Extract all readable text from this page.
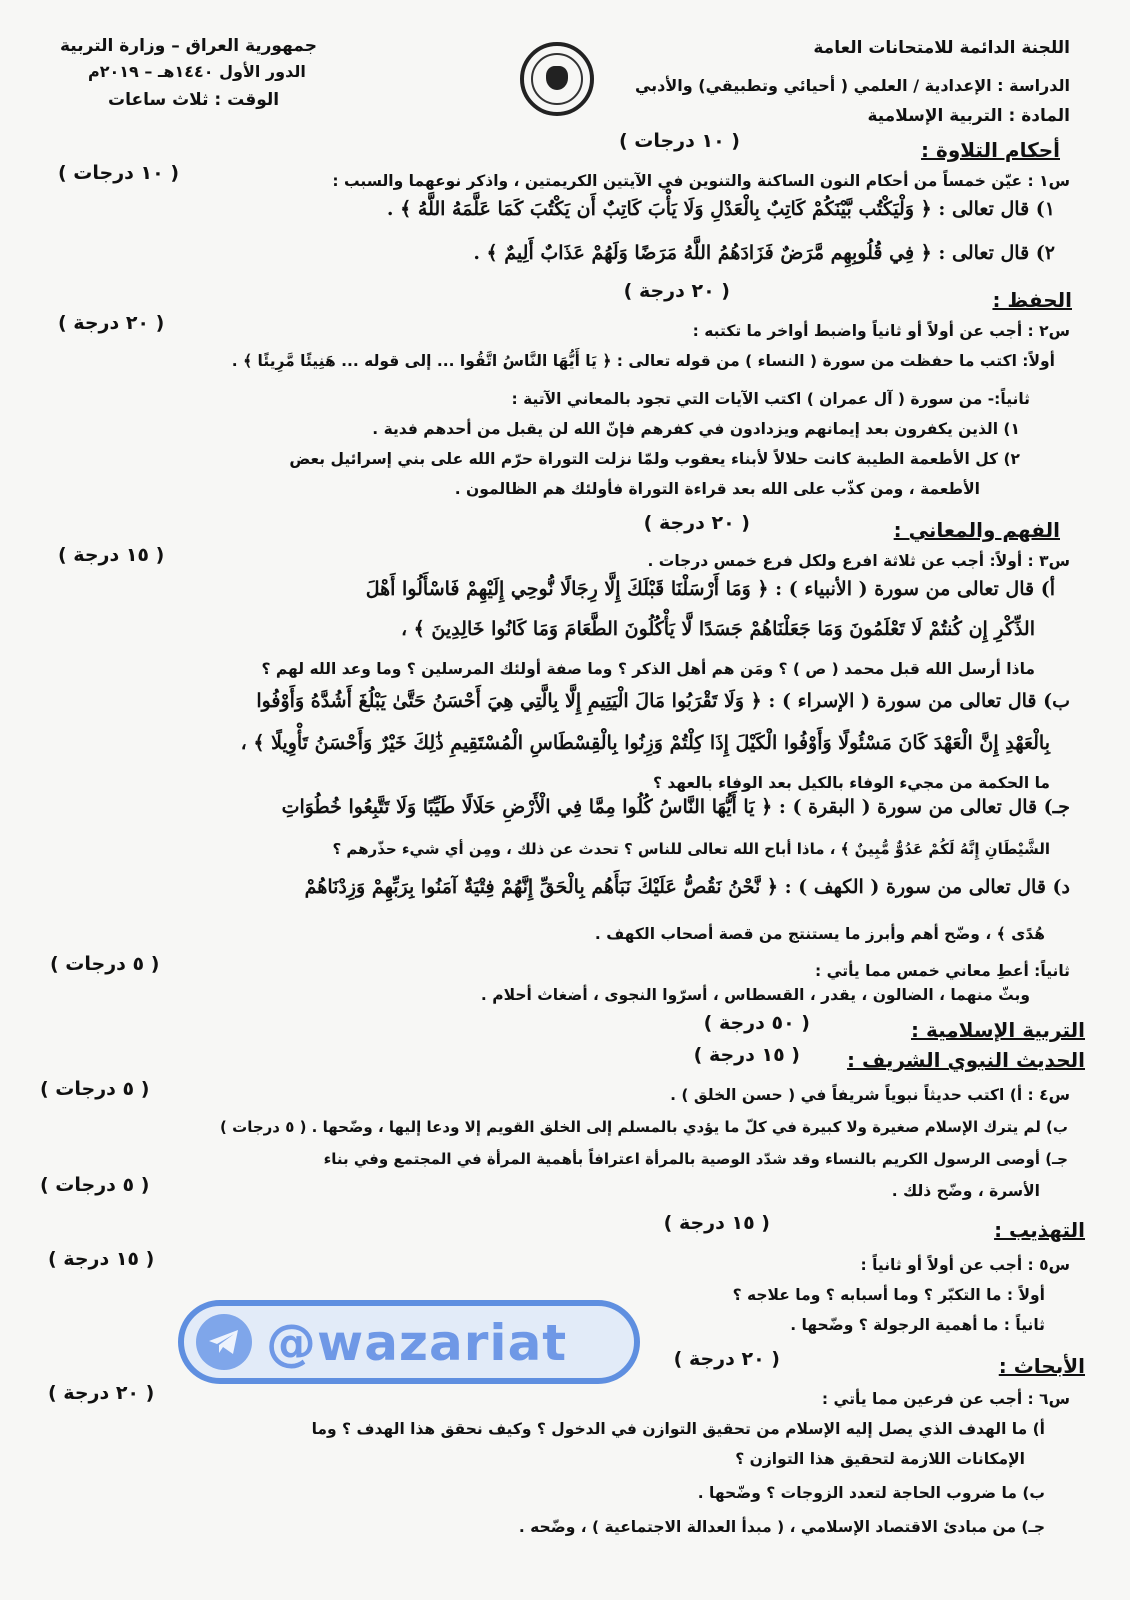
اللجنة الدائمة للامتحانات العامة
الدراسة : الإعدادية / العلمي ( أحيائي وتطبيقي) والأدبي
المادة : التربية الإسلامية
جمهورية العراق – وزارة التربية
الدور الأول ١٤٤٠هـ – ٢٠١٩م
الوقت : ثلاث ساعات
أحكام التلاوة :
( ١٠ درجات )
س١ : عيّن خمساً من أحكام النون الساكنة والتنوين في الآيتين الكريمتين ، واذكر نوعهما والسبب :
( ١٠ درجات )
١) قال تعالى : ﴿ وَلْيَكْتُب بَّيْنَكُمْ كَاتِبٌ بِالْعَدْلِ وَلَا يَأْبَ كَاتِبٌ أَن يَكْتُبَ كَمَا عَلَّمَهُ اللَّهُ ﴾ .
٢) قال تعالى : ﴿ فِي قُلُوبِهِم مَّرَضٌ فَزَادَهُمُ اللَّهُ مَرَضًا وَلَهُمْ عَذَابٌ أَلِيمٌ ﴾ .
الحفظ :
( ٢٠ درجة )
س٢ : أجب عن أولاً أو ثانياً واضبط أواخر ما تكتبه :
( ٢٠ درجة )
أولاً: اكتب ما حفظت من سورة ( النساء ) من قوله تعالى : ﴿ يَا أَيُّهَا النَّاسُ اتَّقُوا ... إلى قوله ... هَنِيئًا مَّرِيئًا ﴾ .
ثانياً:- من سورة ( آل عمران ) اكتب الآيات التي تجود بالمعاني الآتية :
١) الذين يكفرون بعد إيمانهم ويزدادون في كفرهم فإنّ الله لن يقبل من أحدهم فدية .
٢) كل الأطعمة الطيبة كانت حلالاً لأبناء يعقوب ولمّا نزلت التوراة حرّم الله على بني إسرائيل بعض
الأطعمة ، ومن كذّب على الله بعد قراءة التوراة فأولئك هم الظالمون .
الفهم والمعاني :
( ٢٠ درجة )
س٣ : أولاً: أجب عن ثلاثة افرع ولكل فرع خمس درجات .
( ١٥ درجة )
أ) قال تعالى من سورة ( الأنبياء ) : ﴿ وَمَا أَرْسَلْنَا قَبْلَكَ إِلَّا رِجَالًا نُّوحِي إِلَيْهِمْ فَاسْأَلُوا أَهْلَ
الذِّكْرِ إِن كُنتُمْ لَا تَعْلَمُونَ وَمَا جَعَلْنَاهُمْ جَسَدًا لَّا يَأْكُلُونَ الطَّعَامَ وَمَا كَانُوا خَالِدِينَ ﴾ ،
ماذا أرسل الله قبل محمد ( ص ) ؟ ومَن هم أهل الذكر ؟ وما صفة أولئك المرسلين ؟ وما وعد الله لهم ؟
ب) قال تعالى من سورة ( الإسراء ) : ﴿ وَلَا تَقْرَبُوا مَالَ الْيَتِيمِ إِلَّا بِالَّتِي هِيَ أَحْسَنُ حَتَّىٰ يَبْلُغَ أَشُدَّهُ وَأَوْفُوا
بِالْعَهْدِ إِنَّ الْعَهْدَ كَانَ مَسْئُولًا وَأَوْفُوا الْكَيْلَ إِذَا كِلْتُمْ وَزِنُوا بِالْقِسْطَاسِ الْمُسْتَقِيمِ ذَٰلِكَ خَيْرٌ وَأَحْسَنُ تَأْوِيلًا ﴾ ،
ما الحكمة من مجيء الوفاء بالكيل بعد الوفاء بالعهد ؟
جـ) قال تعالى من سورة ( البقرة ) : ﴿ يَا أَيُّهَا النَّاسُ كُلُوا مِمَّا فِي الْأَرْضِ حَلَالًا طَيِّبًا وَلَا تَتَّبِعُوا خُطُوَاتِ
الشَّيْطَانِ إِنَّهُ لَكُمْ عَدُوٌّ مُّبِينٌ ﴾ ، ماذا أباح الله تعالى للناس ؟ تحدث عن ذلك ، ومِن أي شيء حذّرهم ؟
د) قال تعالى من سورة ( الكهف ) : ﴿ نَّحْنُ نَقُصُّ عَلَيْكَ نَبَأَهُم بِالْحَقِّ إِنَّهُمْ فِتْيَةٌ آمَنُوا بِرَبِّهِمْ وَزِدْنَاهُمْ
هُدًى ﴾ ، وضّح أهم وأبرز ما يستنتج من قصة أصحاب الكهف .
ثانياً: أعطِ معاني خمس مما يأتي :
( ٥ درجات )
وبثّ منهما ، الضالون ، يقدر ، القسطاس ، أسرّوا النجوى ، أضغاث أحلام .
التربية الإسلامية :
( ٥٠ درجة )
الحديث النبوي الشريف :
( ١٥ درجة )
س٤ : أ) اكتب حديثاً نبوياً شريفاً في ( حسن الخلق ) .
( ٥ درجات )
ب) لم يترك الإسلام صغيرة ولا كبيرة في كلّ ما يؤدي بالمسلم إلى الخلق القويم إلا ودعا إليها ، وضّحها . ( ٥ درجات )
جـ) أوصى الرسول الكريم بالنساء وقد شدّد الوصية بالمرأة اعترافاً بأهمية المرأة في المجتمع وفي بناء
الأسرة ، وضّح ذلك .
( ٥ درجات )
التهذيب :
( ١٥ درجة )
س٥ : أجب عن أولاً أو ثانياً :
( ١٥ درجة )
أولاً : ما التكبّر ؟ وما أسبابه ؟ وما علاجه ؟
ثانياً : ما أهمية الرجولة ؟ وضّحها .
الأبحاث :
( ٢٠ درجة )
س٦ : أجب عن فرعين مما يأتي :
( ٢٠ درجة )
أ) ما الهدف الذي يصل إليه الإسلام من تحقيق التوازن في الدخول ؟ وكيف نحقق هذا الهدف ؟ وما
الإمكانات اللازمة لتحقيق هذا التوازن ؟
ب) ما ضروب الحاجة لتعدد الزوجات ؟ وضّحها .
جـ) من مبادئ الاقتصاد الإسلامي ، ( مبدأ العدالة الاجتماعية ) ، وضّحه .
@wazariat
